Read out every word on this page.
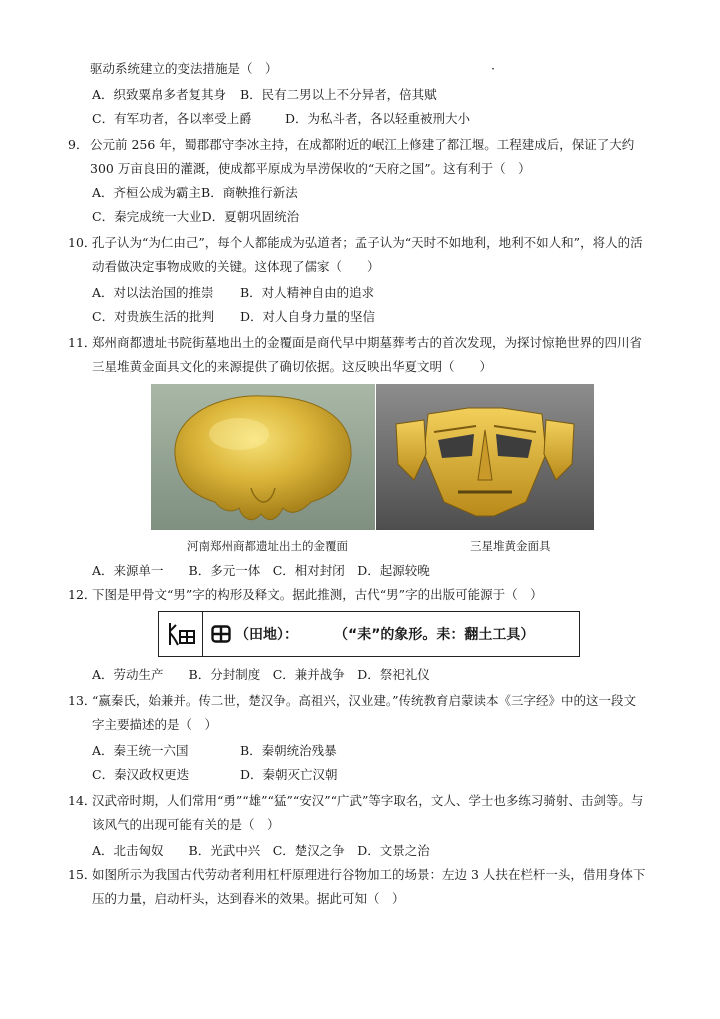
驱动系统建立的变法措施是（　）	·
A．织致粟帛多者复其身 B．民有二男以上不分异者，倍其赋
C．有军功者，各以率受上爵	D．为私斗者，各以轻重被刑大小
9． 公元前 256 年，蜀郡郡守李冰主持，在成都附近的岷江上修建了都江堰。工程建成后，保证了大约
300 万亩良田的灌溉，使成都平原成为旱涝保收的“天府之国”。这有利于（　）
A．齐桓公成为霸主B．商鞅推行新法
C．秦完成统一大业D．夏朝巩固统治
10．
孔子认为“为仁由己”，每个人都能成为弘道者；孟子认为“天时不如地利，地利不如人和”，将人的活
动看做决定事物成败的关键。这体现了儒家（　　）
A．对以法治国的推崇 B．对人精神自由的追求
C．对贵族生活的批判 D．对人自身力量的坚信
11．
郑州商都遗址书院街墓地出土的金覆面是商代早中期墓葬考古的首次发现，为探讨惊艳世界的四川省
三星堆黄金面具文化的来源提供了确切依据。这反映出华夏文明（　　）
河南郑州商都遗址出土的金覆面	三星堆黄金面具
A．来源单一　　B．多元一体　C．相对封闭　D．起源较晚
12．
下图是甲骨文“男”字的构形及释文。据此推测，古代“男”字的出版可能源于（　）
（田地）：	（“耒”的象形。耒：翻土工具）
A．劳动生产　　B．分封制度　C．兼并战争　D．祭祀礼仪
13．
“嬴秦氏，始兼并。传二世，楚汉争。高祖兴，汉业建。”传统教育启蒙读本《三字经》中的这一段文
字主要描述的是（　）
A．秦王统一六国	B．秦朝统治残暴
C．秦汉政权更迭	D．秦朝灭亡汉朝
14．
汉武帝时期，人们常用“勇”“雄”“猛”“安汉”“广武”等字取名，文人、学士也多练习骑射、击剑等。与
该风气的出现可能有关的是（　）
A．北击匈奴　　B．光武中兴　C．楚汉之争　D．文景之治
15．
如图所示为我国古代劳动者利用杠杆原理进行谷物加工的场景：左边 3 人扶在栏杆一头，借用身体下
压的力量，启动杆头，达到舂米的效果。据此可知（　）
